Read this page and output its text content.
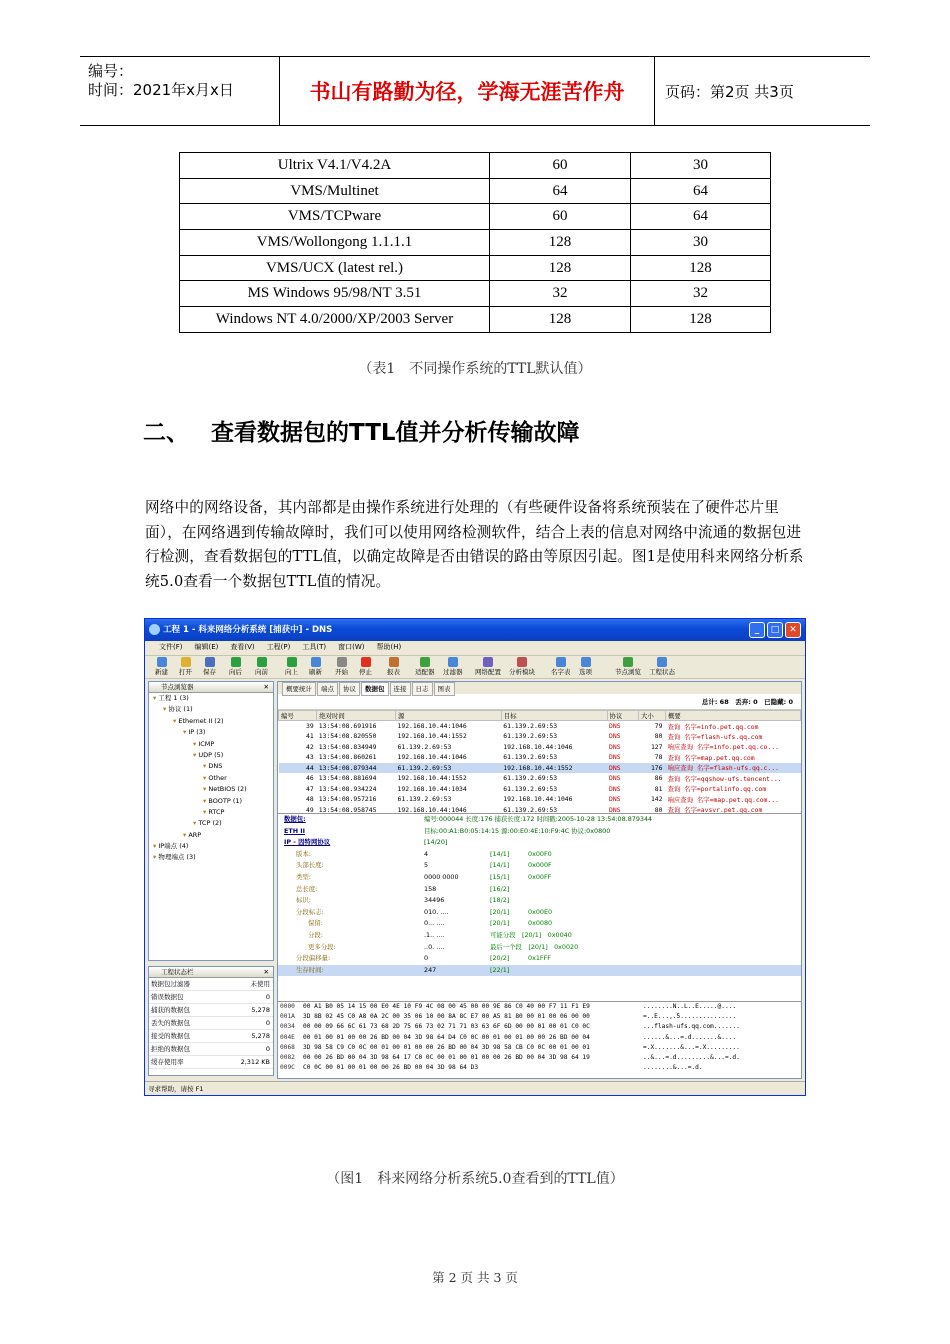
编号：
时间：2021年x月x日	书山有路勤为径，学海无涯苦作舟	页码：第2页 共3页
Ultrix V4.1/V4.2A	60	30
VMS/Multinet	64	64
VMS/TCPware	60	64
VMS/Wollongong 1.1.1.1	128	30
VMS/UCX (latest rel.)	128	128
MS Windows 95/98/NT 3.51	32	32
Windows NT 4.0/2000/XP/2003 Server	128	128
（表1　不同操作系统的TTL默认值）
二、 查看数据包的TTL值并分析传输故障
网络中的网络设备，其内部都是由操作系统进行处理的（有些硬件设备将系统预装在了硬件芯片里面），在网络遇到传输故障时，我们可以使用网络检测软件，结合上表的信息对网络中流通的数据包进行检测，查看数据包的TTL值，以确定故障是否由错误的路由等原因引起。图1是使用科来网络分析系统5.0查看一个数据包TTL值的情况。
工程 1 - 科来网络分析系统 [捕获中] - DNS	_	□	✕
文件(F) 编辑(E) 查看(V) 工程(P) 工具(T) 窗口(W) 帮助(H)
新建 打开 保存 向后 向前	向上 刷新 开始 停止 报表 适配器 过滤器 网络配置 分析模块 名字表 选项	节点浏览 工程状态
节点浏览器	✕
▾ 工程 1 (3)
▾ 协议 (1)
▾ Ethernet II (2)
▾ IP (3)
▾ ICMP
▾ UDP (5)
▾ DNS
▾ Other
▾ NetBIOS (2)
▾ BOOTP (1)
▾ RTCP
▾ TCP (2)
▾ ARP
▾ IP端点 (4)
▾ 物理端点 (3)
工程状态栏	✕
数据包过滤器	未使用
错误数据包	0
捕获的数据包	5,278
丢失的数据包	0
接受的数据包	5,278
拒绝的数据包	0
缓存使用率	2,312 KB
概要统计 端点 协议 数据包 连接 日志 图表
总计: 68　丢弃: 0　已隐藏: 0
编号	绝对时间	源	目标	协议	大小	概要
39	13:54:08.691916	192.168.10.44:1046	61.139.2.69:53	DNS	79	查询 名字=info.pet.qq.com
41	13:54:08.820550	192.168.10.44:1552	61.139.2.69:53	DNS	80	查询 名字=flash-ufs.qq.com
42	13:54:08.834949	61.139.2.69:53	192.168.10.44:1046	DNS	127	响应查询 名字=info.pet.qq.co...
43	13:54:08.860261	192.168.10.44:1046	61.139.2.69:53	DNS	78	查询 名字=map.pet.qq.com
44	13:54:08.879344	61.139.2.69:53	192.168.10.44:1552	DNS	176	响应查询 名字=flash-ufs.qq.c...
46	13:54:08.881694	192.168.10.44:1552	61.139.2.69:53	DNS	86	查询 名字=qqshow-ufs.tencent...
47	13:54:08.934224	192.168.10.44:1034	61.139.2.69:53	DNS	81	查询 名字=portalinfo.qq.com
48	13:54:08.957216	61.139.2.69:53	192.168.10.44:1046	DNS	142	响应查询 名字=map.pet.qq.com...
49	13:54:08.958745	192.168.10.44:1046	61.139.2.69:53	DNS	80	查询 名字=avsvr.pet.qq.com
数据包:	编号:000044 长度:176 捕获长度:172 时间戳:2005-10-28 13:54:08.879344
ETH II	目标:00:A1:B0:05:14:15 源:00:E0:4E:10:F9:4C 协议:0x0800
IP - 因特网协议	[14/20]
版本:	4	[14/1]	0x00F0
头部长度:	5	[14/1]	0x000F
类型:	0000 0000	[15/1]	0x00FF
总长度:	158	[16/2]
标识:	34496	[18/2]
分段标志:	010. ....	[20/1]	0x00E0
保留:	0... ....	[20/1]	0x0080
分段:	.1.. ....	可能分段　[20/1]　0x0040
更多分段:	..0. ....	最后一个段　[20/1]　0x0020
分段偏移量:	0	[20/2]	0x1FFF
生存时间:	247	[22/1]
0000	00 A1 B0 05 14 15 00 E0 4E 10 F9 4C 08 00 45 00 00 9E 86 C0 40 00 F7 11 F1 E9	........N..L..E.....@....
001A	3D 8B 02 45 C0 A8 0A 2C 00 35 06 10 00 8A 8C E7 00 A5 81 80 00 01 00 06 00 00	=..E...,.5...............
0034	00 00 09 66 6C 61 73 68 2D 75 66 73 02 71 71 03 63 6F 6D 00 00 01 00 01 C0 0C	...flash-ufs.qq.com.......
004E	00 01 00 01 00 00 26 BD 00 04 3D 98 64 D4 C0 0C 00 01 00 01 00 00 26 BD 00 04	......&...=.d.......&....
0068	3D 98 58 C9 C0 0C 00 01 00 01 00 00 26 BD 00 04 3D 98 58 CB C0 0C 00 01 00 01	=.X.......&...=.X.........
0082	00 00 26 BD 00 04 3D 98 64 17 C0 0C 00 01 00 01 00 00 26 BD 00 04 3D 98 64 19	..&...=.d.........&...=.d.
009C	C0 0C 00 01 00 01 00 00 26 BD 00 04 3D 98 64 D3	........&...=.d.
寻求帮助，请按 F1
（图1　科来网络分析系统5.0查看到的TTL值）
第 2 页 共 3 页
